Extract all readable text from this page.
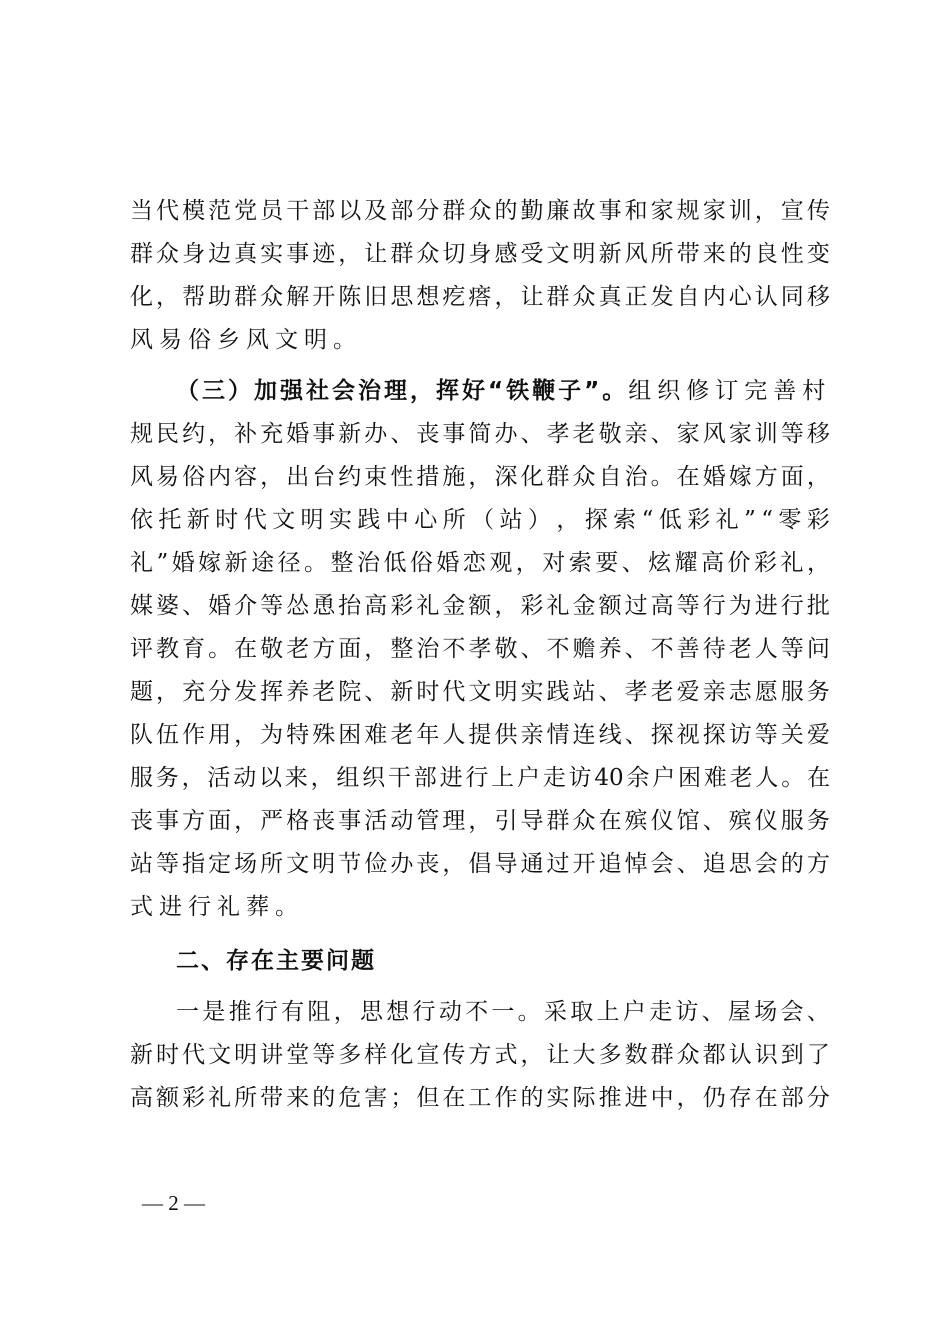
当 代 模 范 党 员 干 部 以 及 部 分 群 众 的 勤 廉 故 事 和 家 规 家 训 ， 宣 传
群 众 身 边 真 实 事 迹 ， 让 群 众 切 身 感 受 文 明 新 风 所 带 来 的 良 性 变
化 ， 帮 助 群 众 解 开 陈 旧 思 想 疙 瘩 ， 让 群 众 真 正 发 自 内 心 认 同 移
风易俗乡风文明。
（三）加强社会治理，挥好“铁鞭子”。 组织修订完善村
规 民 约 ， 补 充 婚 事 新 办 、 丧 事 简 办 、 孝 老 敬 亲 、 家 风 家 训 等 移
风 易 俗 内 容 ， 出 台 约 束 性 措 施 ， 深 化 群 众 自 治 。 在 婚 嫁 方 面 ，
依 托 新 时 代 文 明 实 践 中 心 所 （ 站 ） ， 探 索 “ 低 彩 礼 ” “ 零 彩
礼 ” 婚 嫁 新 途 径 。 整 治 低 俗 婚 恋 观 ， 对 索 要 、 炫 耀 高 价 彩 礼 ，
媒 婆 、 婚 介 等 怂 恿 抬 高 彩 礼 金 额 ， 彩 礼 金 额 过 高 等 行 为 进 行 批
评 教 育 。 在 敬 老 方 面 ， 整 治 不 孝 敬 、 不 赡 养 、 不 善 待 老 人 等 问
题 ， 充 分 发 挥 养 老 院 、 新 时 代 文 明 实 践 站 、 孝 老 爱 亲 志 愿 服 务
队 伍 作 用 ， 为 特 殊 困 难 老 年 人 提 供 亲 情 连 线 、 探 视 探 访 等 关 爱
服 务 ， 活 动 以 来 ， 组 织 干 部 进 行 上 户 走 访 40 余 户 困 难 老 人 。 在
丧 事 方 面 ， 严 格 丧 事 活 动 管 理 ， 引 导 群 众 在 殡 仪 馆 、 殡 仪 服 务
站 等 指 定 场 所 文 明 节 俭 办 丧 ， 倡 导 通 过 开 追 悼 会 、 追 思 会 的 方
式进行礼葬。
二、存在主要问题
一 是 推 行 有 阻 ， 思 想 行 动 不 一 。 采 取 上 户 走 访 、 屋 场 会 、
新 时 代 文 明 讲 堂 等 多 样 化 宣 传 方 式 ， 让 大 多 数 群 众 都 认 识 到 了
高 额 彩 礼 所 带 来 的 危 害 ； 但 在 工 作 的 实 际 推 进 中 ， 仍 存 在 部 分
— 2 —
